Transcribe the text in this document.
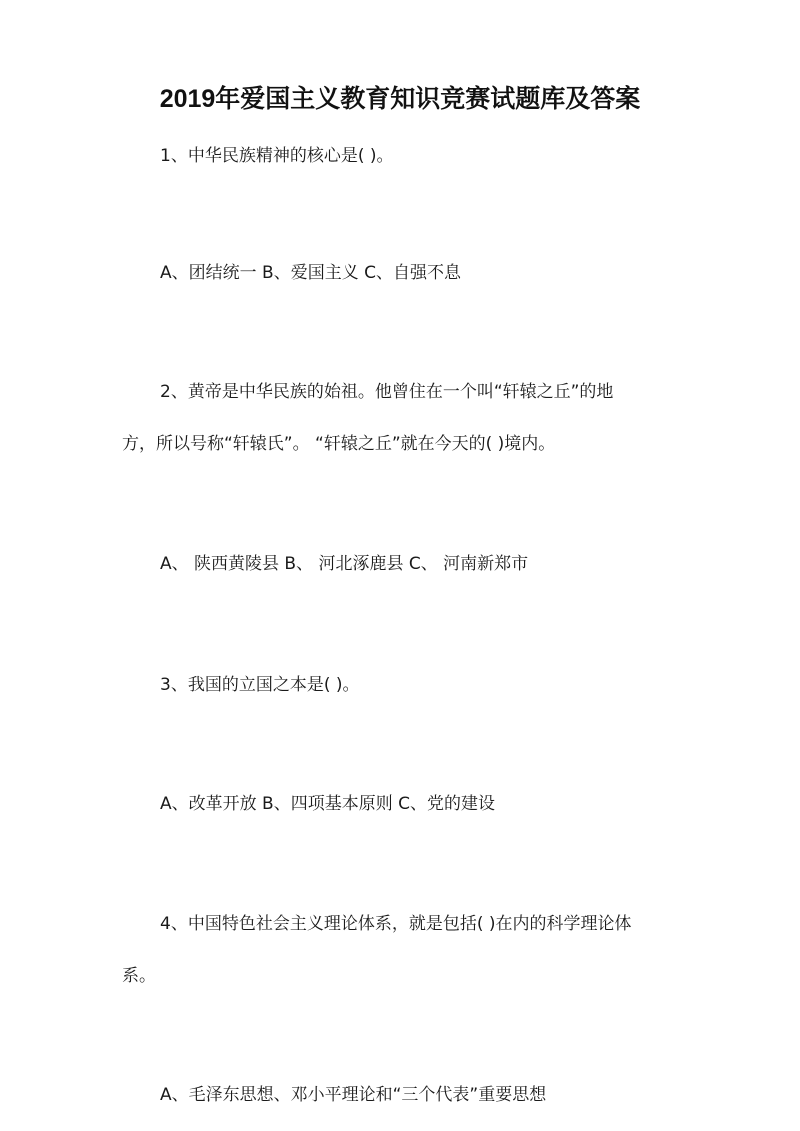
2019年爱国主义教育知识竞赛试题库及答案
1、中华民族精神的核心是( )。
A、团结统一 B、爱国主义 C、自强不息
2、黄帝是中华民族的始祖。他曾住在一个叫“轩辕之丘”的地
方，所以号称“轩辕氏”。 “轩辕之丘”就在今天的( )境内。
A、 陕西黄陵县 B、 河北涿鹿县 C、 河南新郑市
3、我国的立国之本是( )。
A、改革开放 B、四项基本原则 C、党的建设
4、中国特色社会主义理论体系，就是包括( )在内的科学理论体
系。
A、毛泽东思想、邓小平理论和“三个代表”重要思想
